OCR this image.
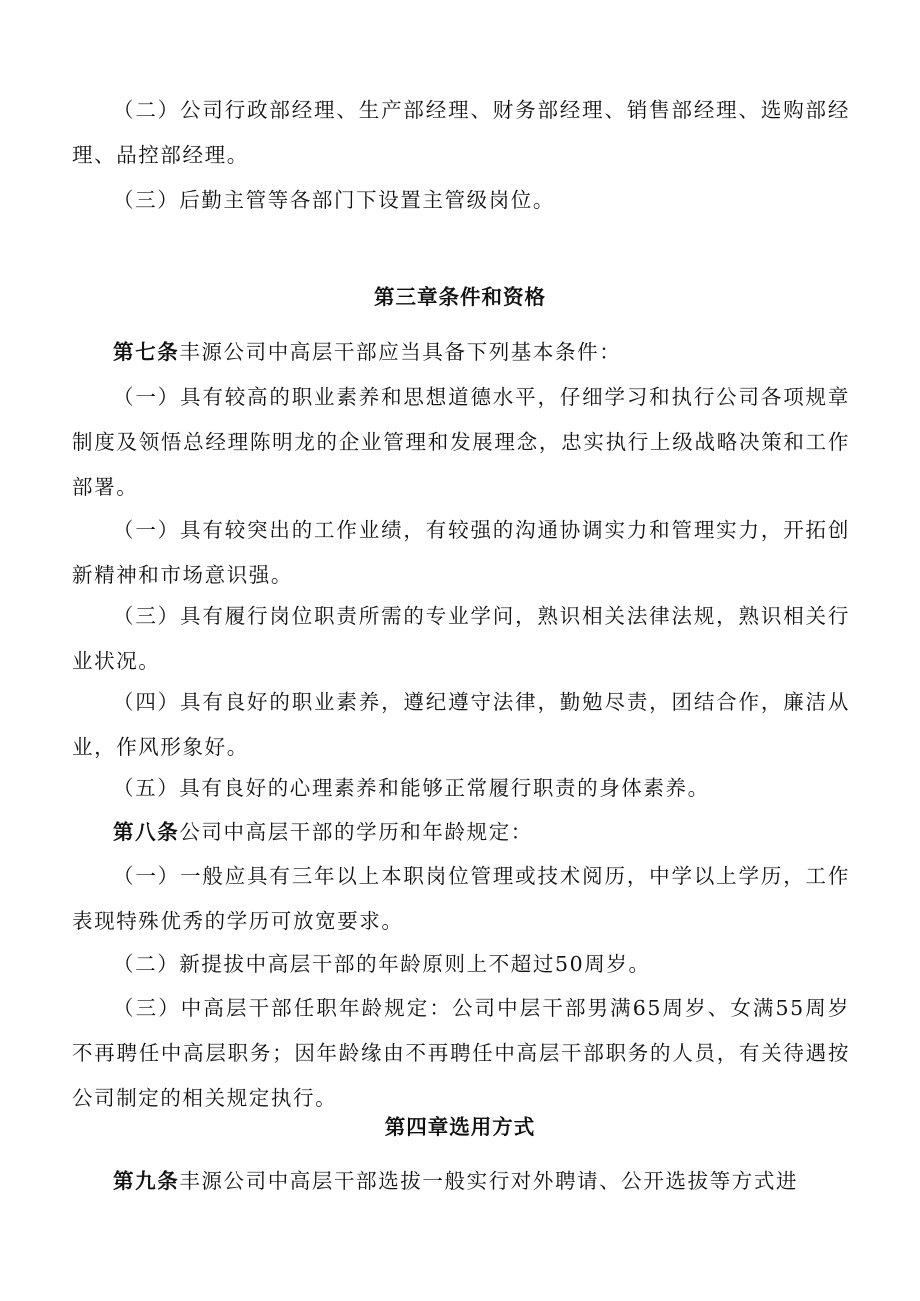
（二）公司行政部经理、生产部经理、财务部经理、销售部经理、选购部经理、品控部经理。

（三）后勤主管等各部门下设置主管级岗位。

第三章条件和资格

第七条丰源公司中高层干部应当具备下列基本条件：

（一）具有较高的职业素养和思想道德水平，仔细学习和执行公司各项规章制度及领悟总经理陈明龙的企业管理和发展理念，忠实执行上级战略决策和工作部署。

（一）具有较突出的工作业绩，有较强的沟通协调实力和管理实力，开拓创新精神和市场意识强。

（三）具有履行岗位职责所需的专业学问，熟识相关法律法规，熟识相关行业状况。

（四）具有良好的职业素养，遵纪遵守法律，勤勉尽责，团结合作，廉洁从业，作风形象好。

（五）具有良好的心理素养和能够正常履行职责的身体素养。

第八条公司中高层干部的学历和年龄规定：

（一）一般应具有三年以上本职岗位管理或技术阅历，中学以上学历，工作表现特殊优秀的学历可放宽要求。

（二）新提拔中高层干部的年龄原则上不超过50周岁。

（三）中高层干部任职年龄规定：公司中层干部男满65周岁、女满55周岁不再聘任中高层职务；因年龄缘由不再聘任中高层干部职务的人员，有关待遇按公司制定的相关规定执行。

第四章选用方式

第九条丰源公司中高层干部选拔一般实行对外聘请、公开选拔等方式进
